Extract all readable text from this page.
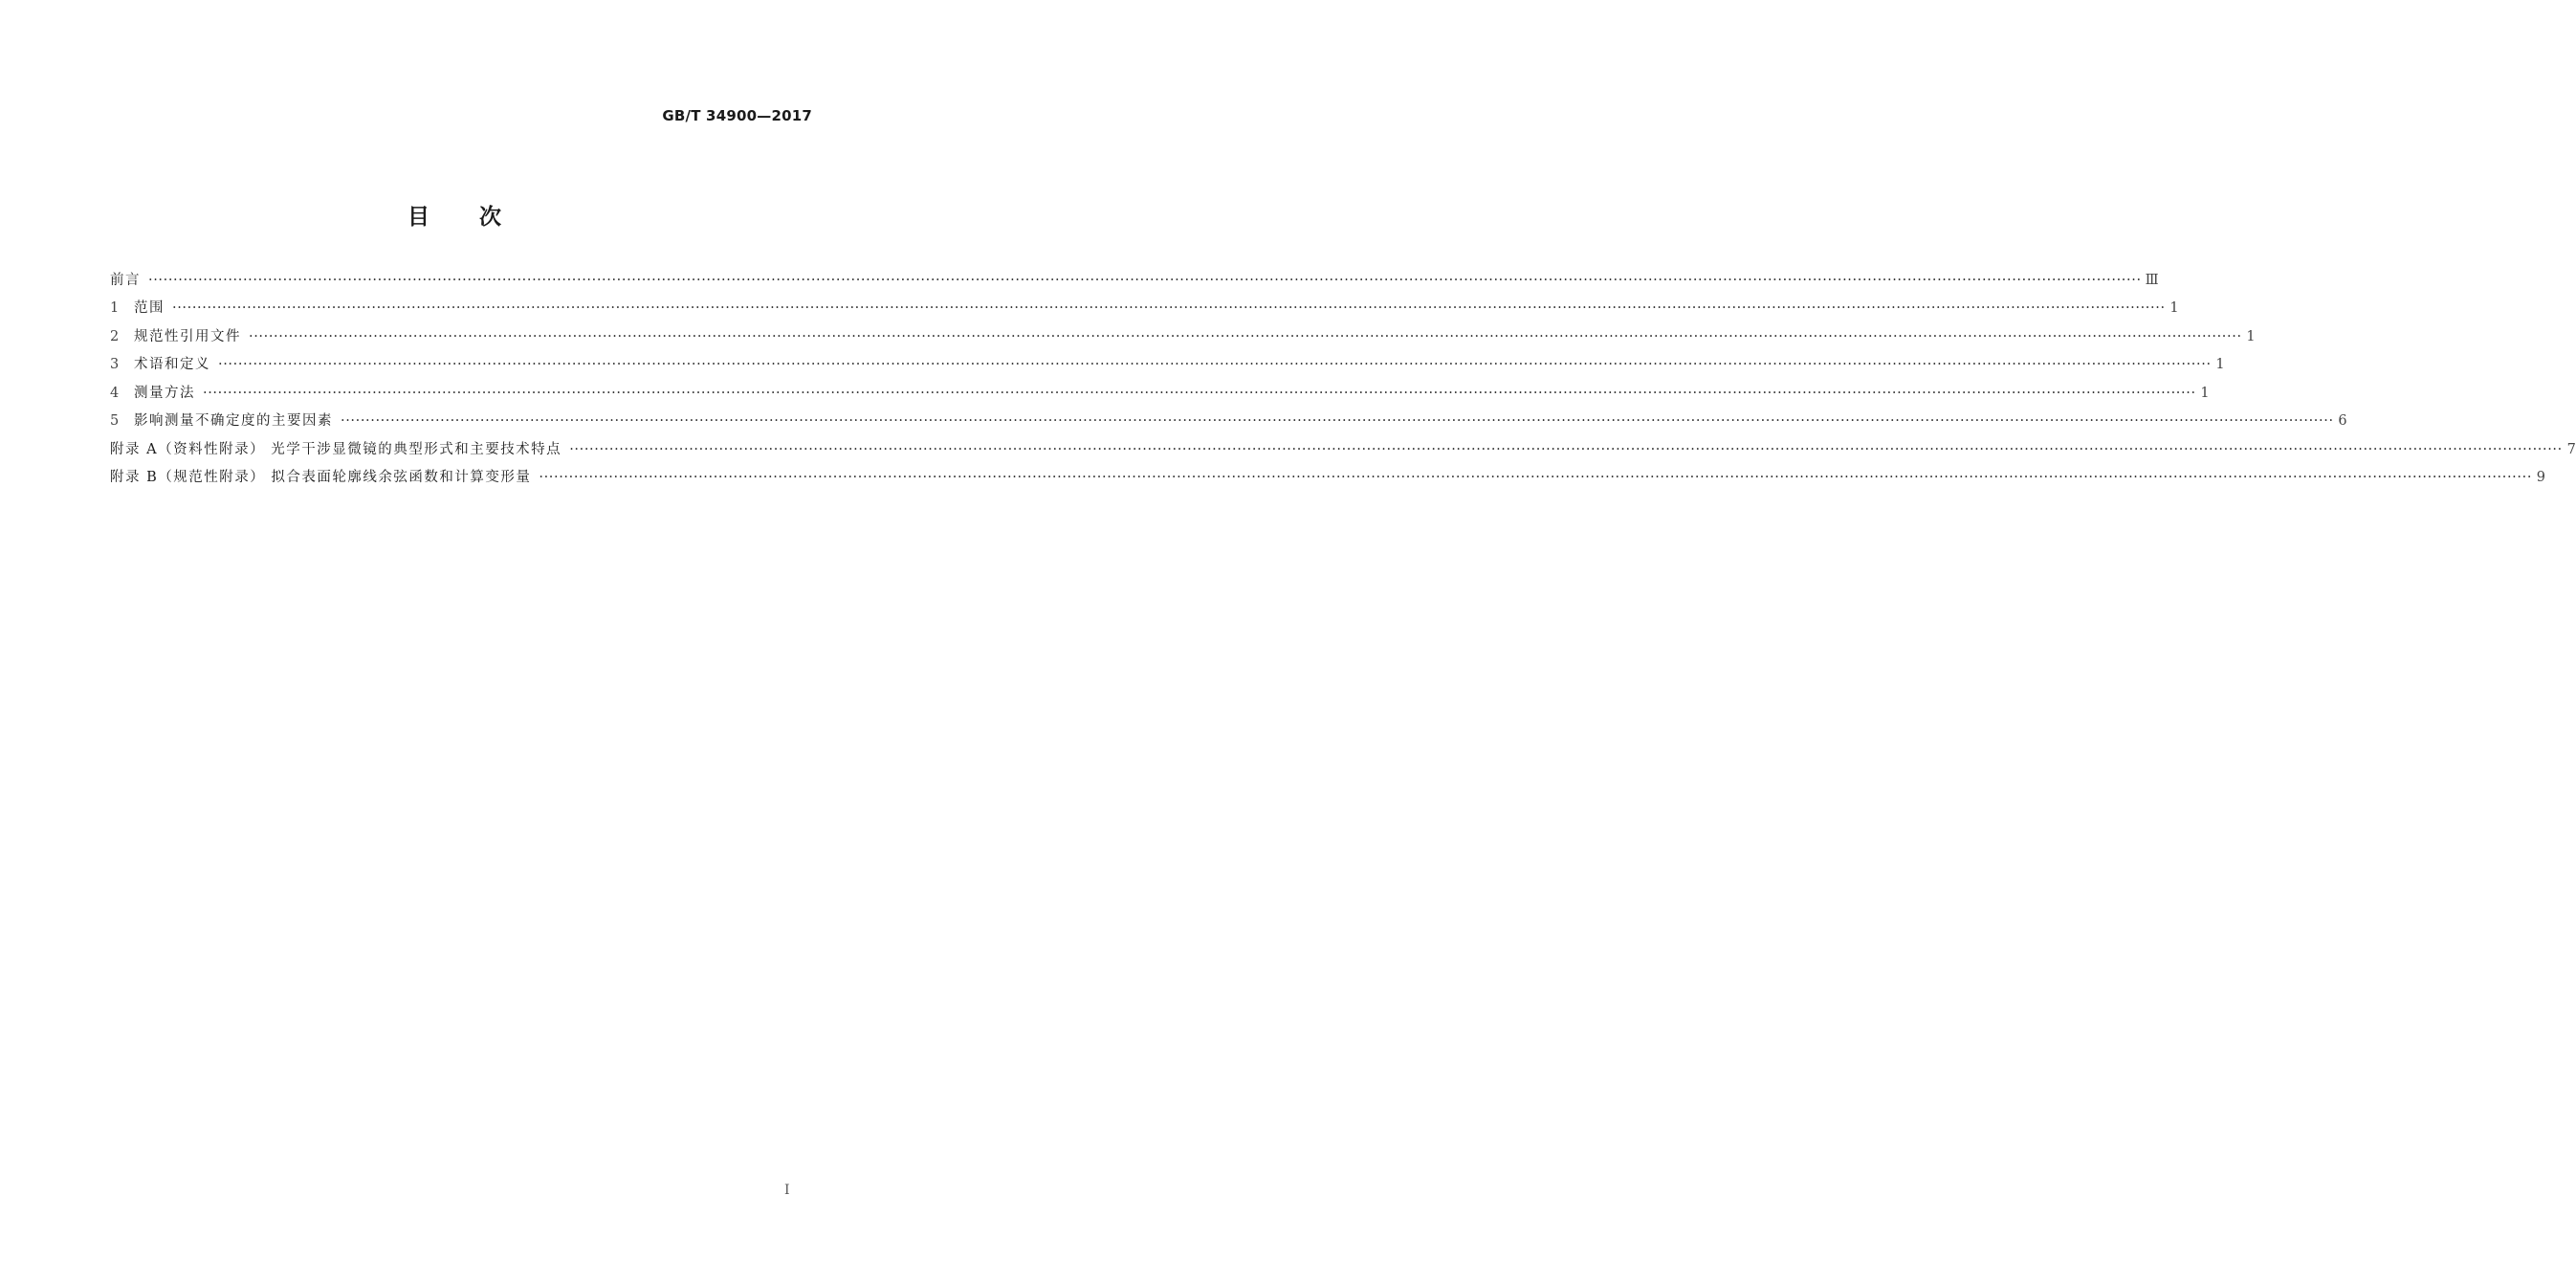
GB/T 34900—2017
目次
前言 ················································································································································································································································································································································································································ Ⅲ
1	范围 ················································································································································································································································································································································································································ 1
2	规范性引用文件 ················································································································································································································································································································································································································ 1
3	术语和定义 ················································································································································································································································································································································································································ 1
4	测量方法 ················································································································································································································································································································································································································ 1
5	影响测量不确定度的主要因素 ················································································································································································································································································································································································································ 6
附录 A（资料性附录） 光学干涉显微镜的典型形式和主要技术特点 ················································································································································································································································································································································································································ 7
附录 B（规范性附录） 拟合表面轮廓线余弦函数和计算变形量 ················································································································································································································································································································································································································ 9
I
